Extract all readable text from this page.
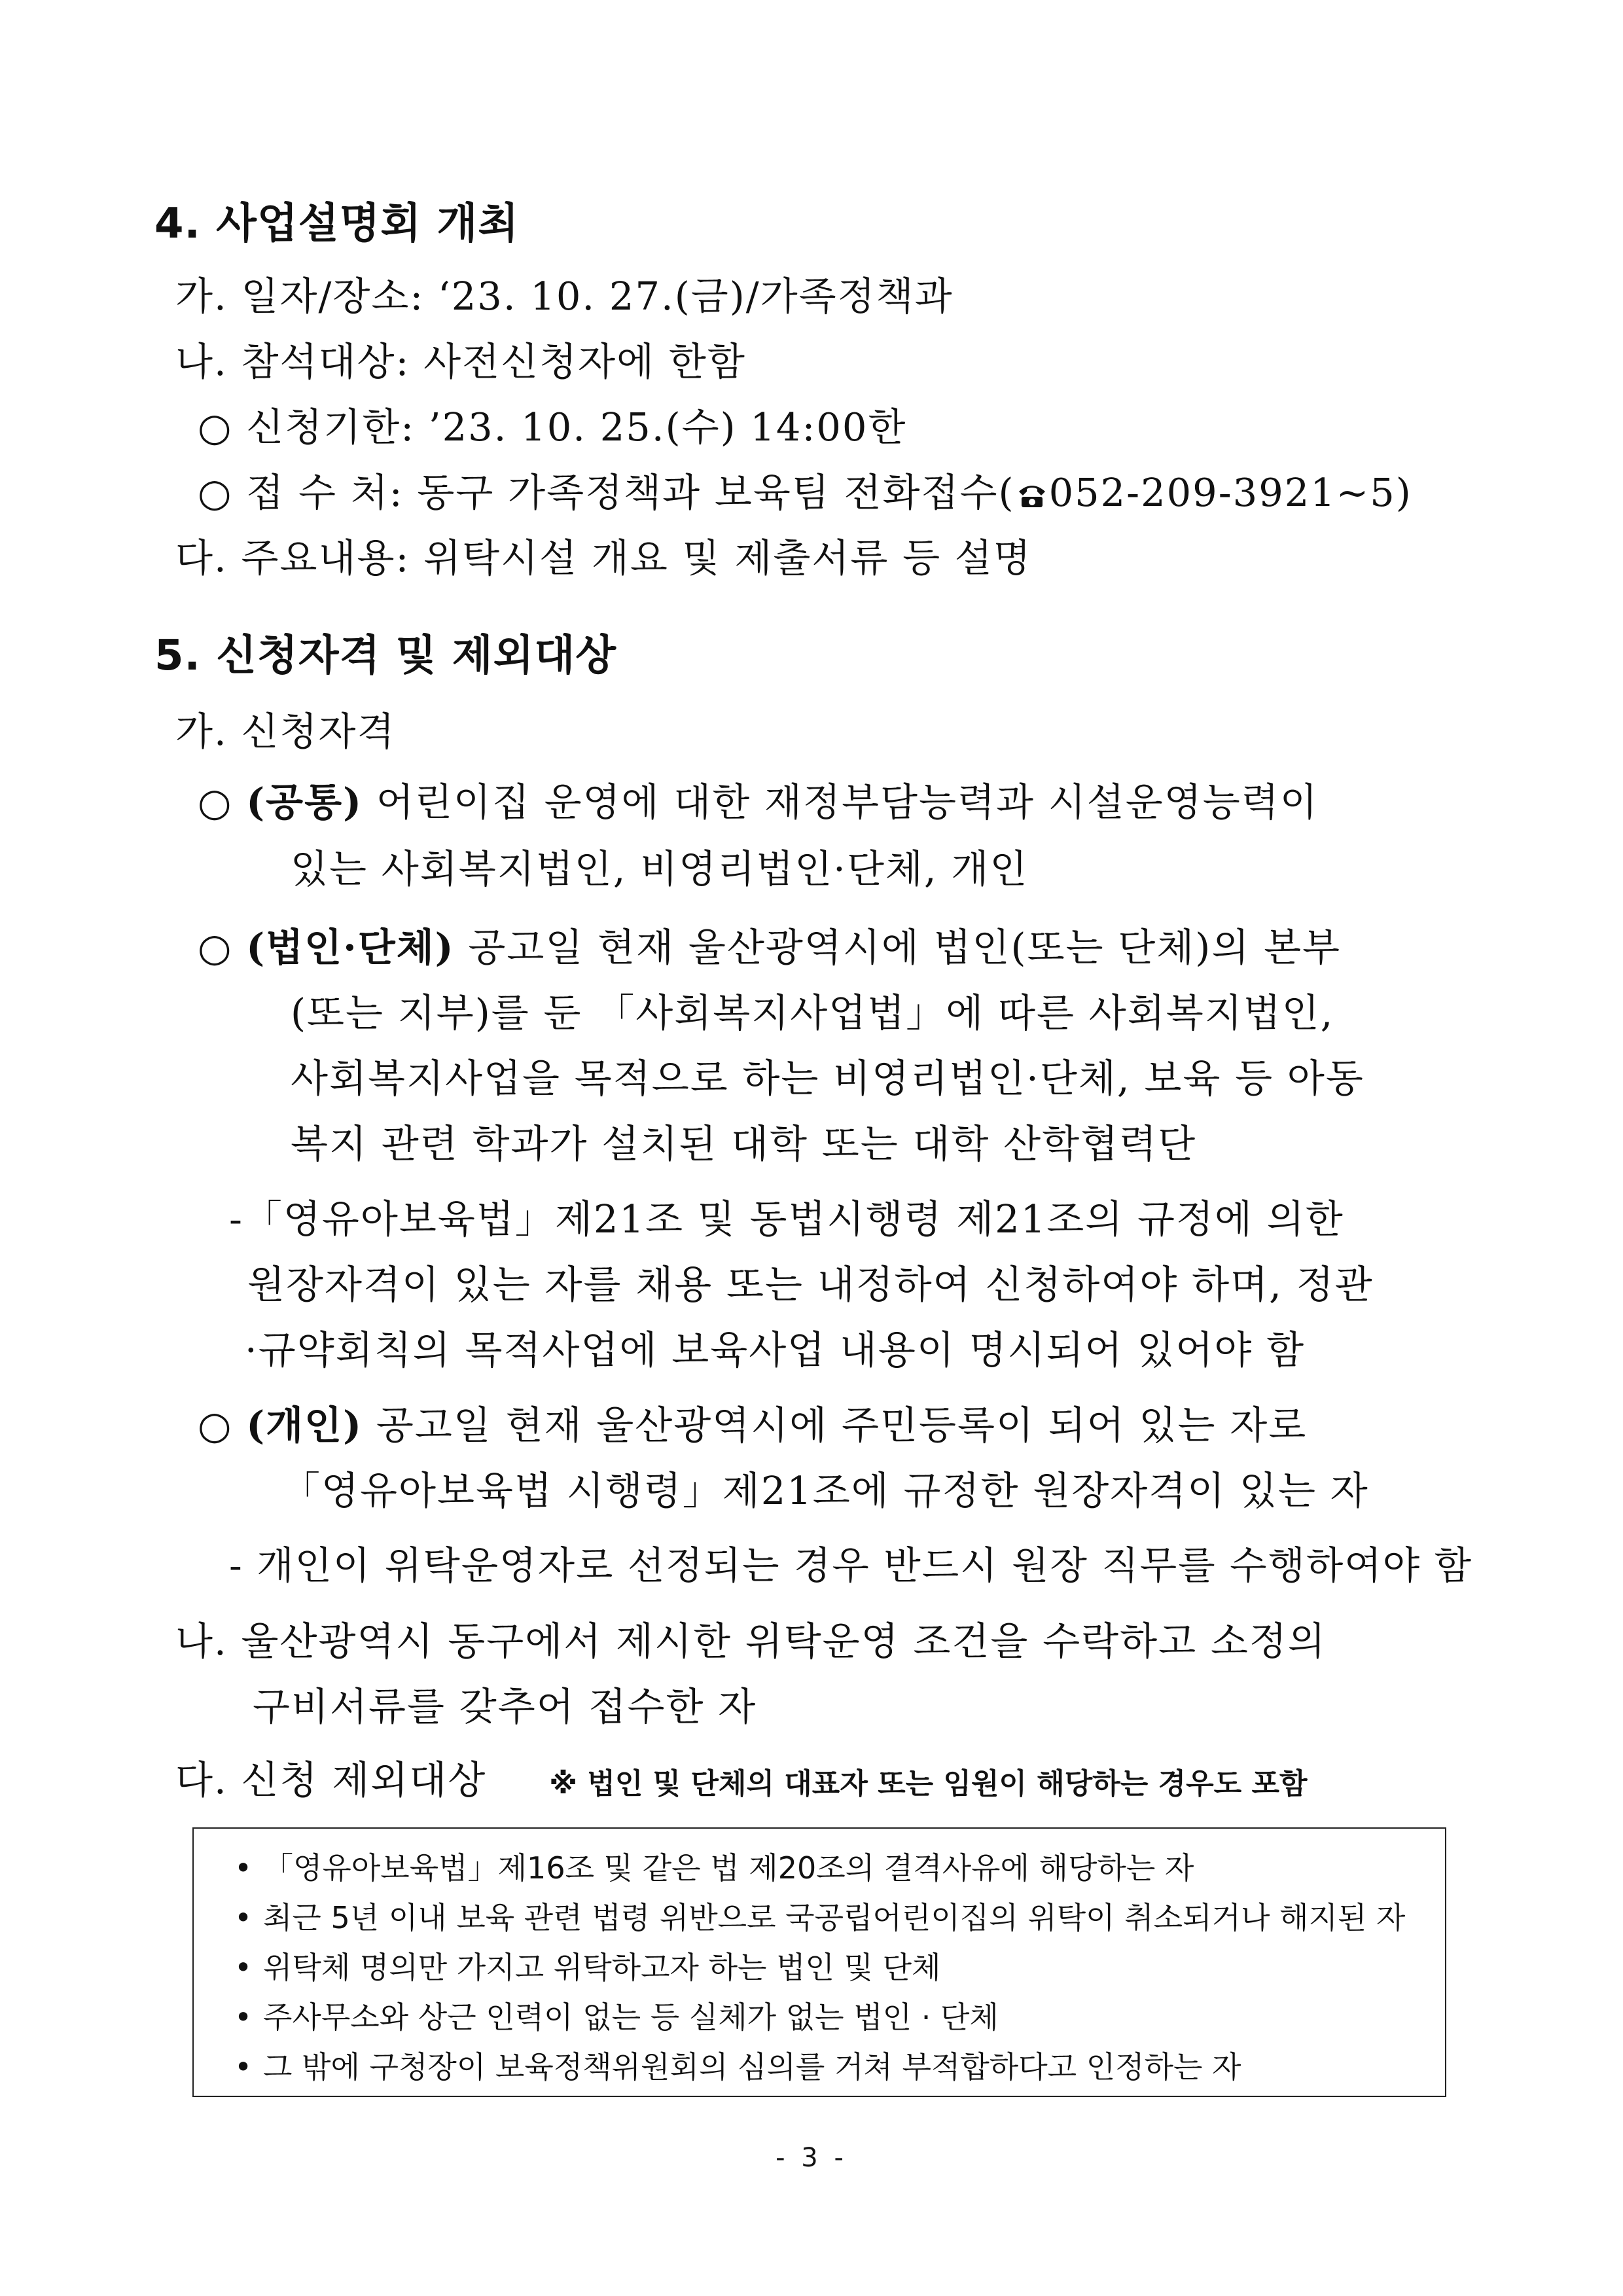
4. 사업설명회 개최
가. 일자/장소: ‘23. 10. 27.(금)/가족정책과
나. 참석대상: 사전신청자에 한함
○ 신청기한: ’23. 10. 25.(수) 14:00한
○ 접 수 처: 동구 가족정책과 보육팀 전화접수( 052-209-3921~5)
다. 주요내용: 위탁시설 개요 및 제출서류 등 설명
5. 신청자격 및 제외대상
가. 신청자격
○ (공통) 어린이집 운영에 대한 재정부담능력과 시설운영능력이
있는 사회복지법인, 비영리법인·단체, 개인
○ (법인·단체) 공고일 현재 울산광역시에 법인(또는 단체)의 본부
(또는 지부)를 둔 「사회복지사업법」에 따른 사회복지법인,
사회복지사업을 목적으로 하는 비영리법인·단체, 보육 등 아동
복지 관련 학과가 설치된 대학 또는 대학 산학협력단
-「영유아보육법」제21조 및 동법시행령 제21조의 규정에 의한
원장자격이 있는 자를 채용 또는 내정하여 신청하여야 하며, 정관
·규약회칙의 목적사업에 보육사업 내용이 명시되어 있어야 함
○ (개인) 공고일 현재 울산광역시에 주민등록이 되어 있는 자로
「영유아보육법 시행령」제21조에 규정한 원장자격이 있는 자
- 개인이 위탁운영자로 선정되는 경우 반드시 원장 직무를 수행하여야 함
나. 울산광역시 동구에서 제시한 위탁운영 조건을 수락하고 소정의
구비서류를 갖추어 접수한 자
다. 신청 제외대상 ※ 법인 및 단체의 대표자 또는 임원이 해당하는 경우도 포함
• 「영유아보육법」제16조 및 같은 법 제20조의 결격사유에 해당하는 자
• 최근 5년 이내 보육 관련 법령 위반으로 국공립어린이집의 위탁이 취소되거나 해지된 자
• 위탁체 명의만 가지고 위탁하고자 하는 법인 및 단체
• 주사무소와 상근 인력이 없는 등 실체가 없는 법인 · 단체
• 그 밖에 구청장이 보육정책위원회의 심의를 거쳐 부적합하다고 인정하는 자
- 3 -
